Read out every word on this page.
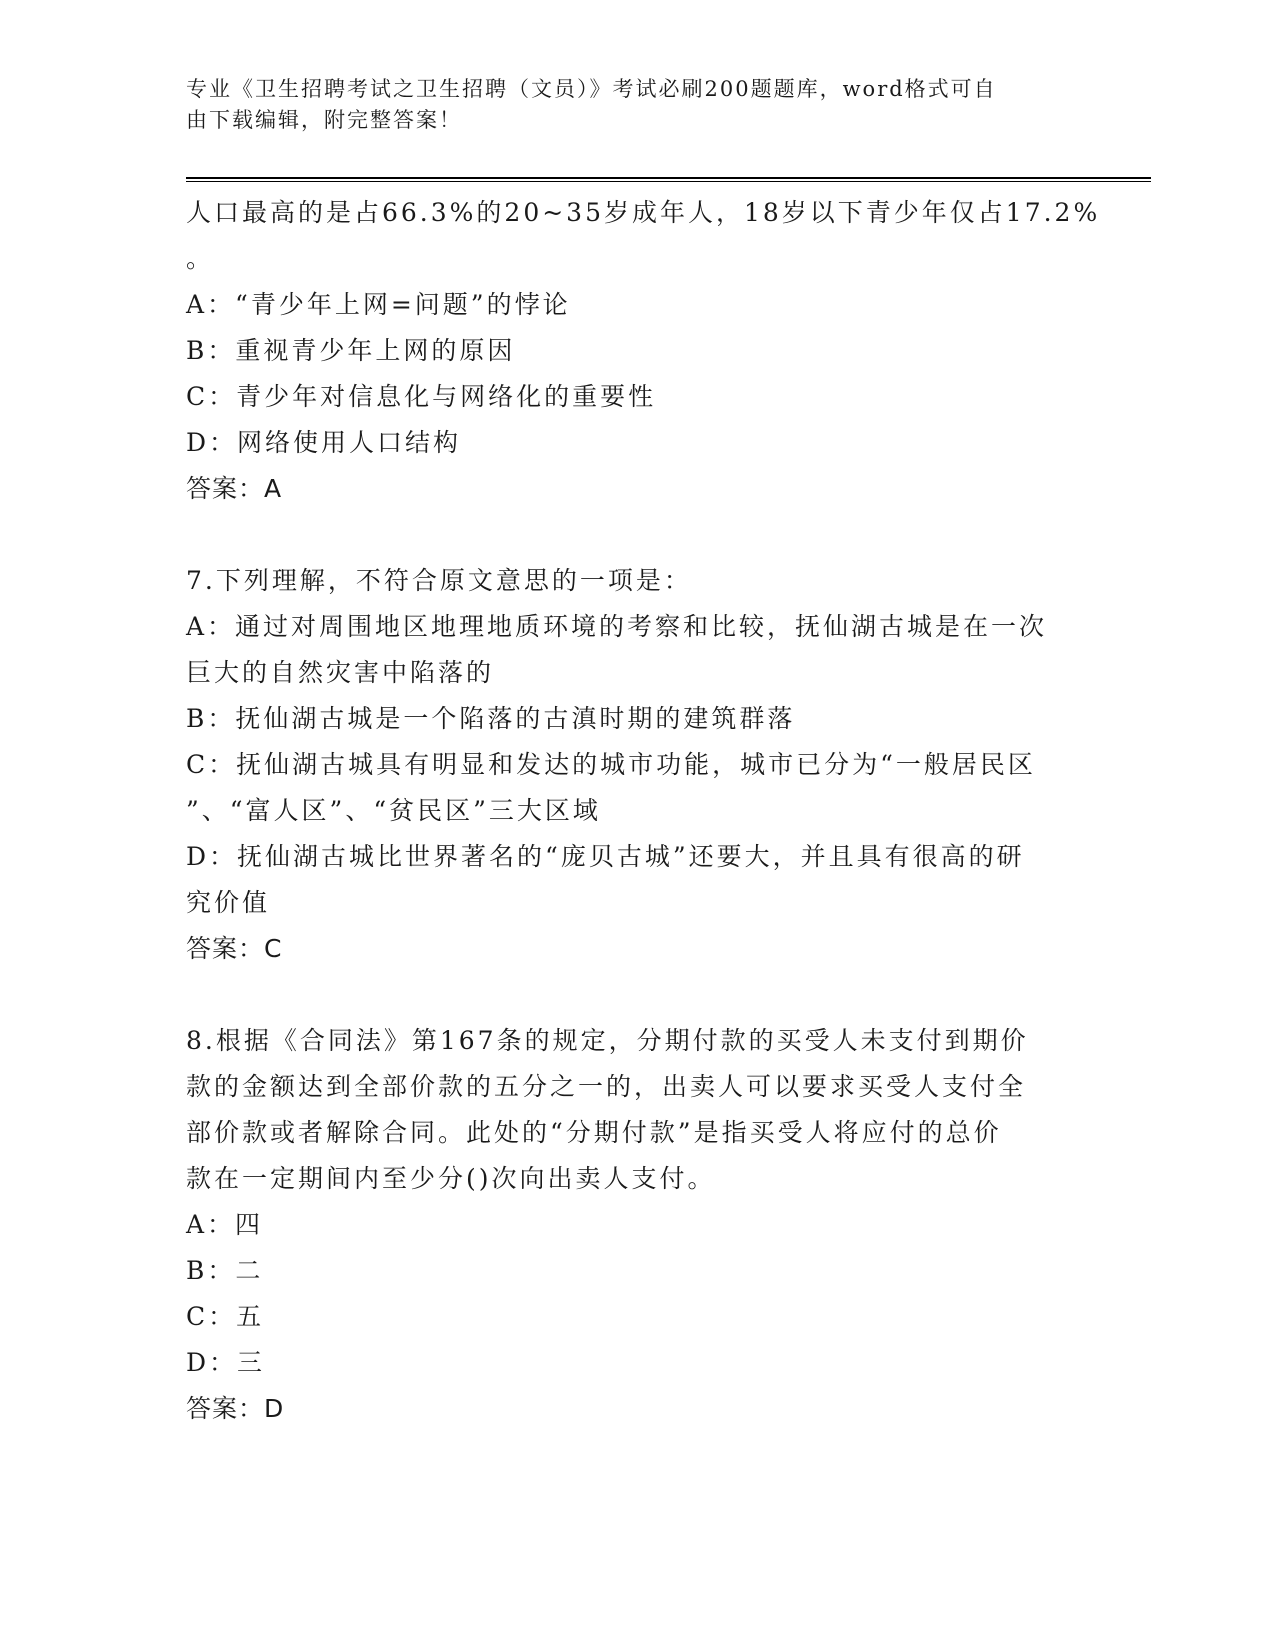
专业《卫生招聘考试之卫生招聘（文员）》考试必刷200题题库，word格式可自
由下载编辑，附完整答案！
人口最高的是占66.3%的20~35岁成年人，18岁以下青少年仅占17.2%
。
A：“青少年上网=问题”的悖论
B：重视青少年上网的原因
C：青少年对信息化与网络化的重要性
D：网络使用人口结构
答案：A
7.下列理解，不符合原文意思的一项是：
A：通过对周围地区地理地质环境的考察和比较，抚仙湖古城是在一次
巨大的自然灾害中陷落的
B：抚仙湖古城是一个陷落的古滇时期的建筑群落
C：抚仙湖古城具有明显和发达的城市功能，城市已分为“一般居民区
”、“富人区”、“贫民区”三大区域
D：抚仙湖古城比世界著名的“庞贝古城”还要大，并且具有很高的研
究价值
答案：C
8.根据《合同法》第167条的规定，分期付款的买受人未支付到期价
款的金额达到全部价款的五分之一的，出卖人可以要求买受人支付全
部价款或者解除合同。此处的“分期付款”是指买受人将应付的总价
款在一定期间内至少分()次向出卖人支付。
A：四
B：二
C：五
D：三
答案：D
